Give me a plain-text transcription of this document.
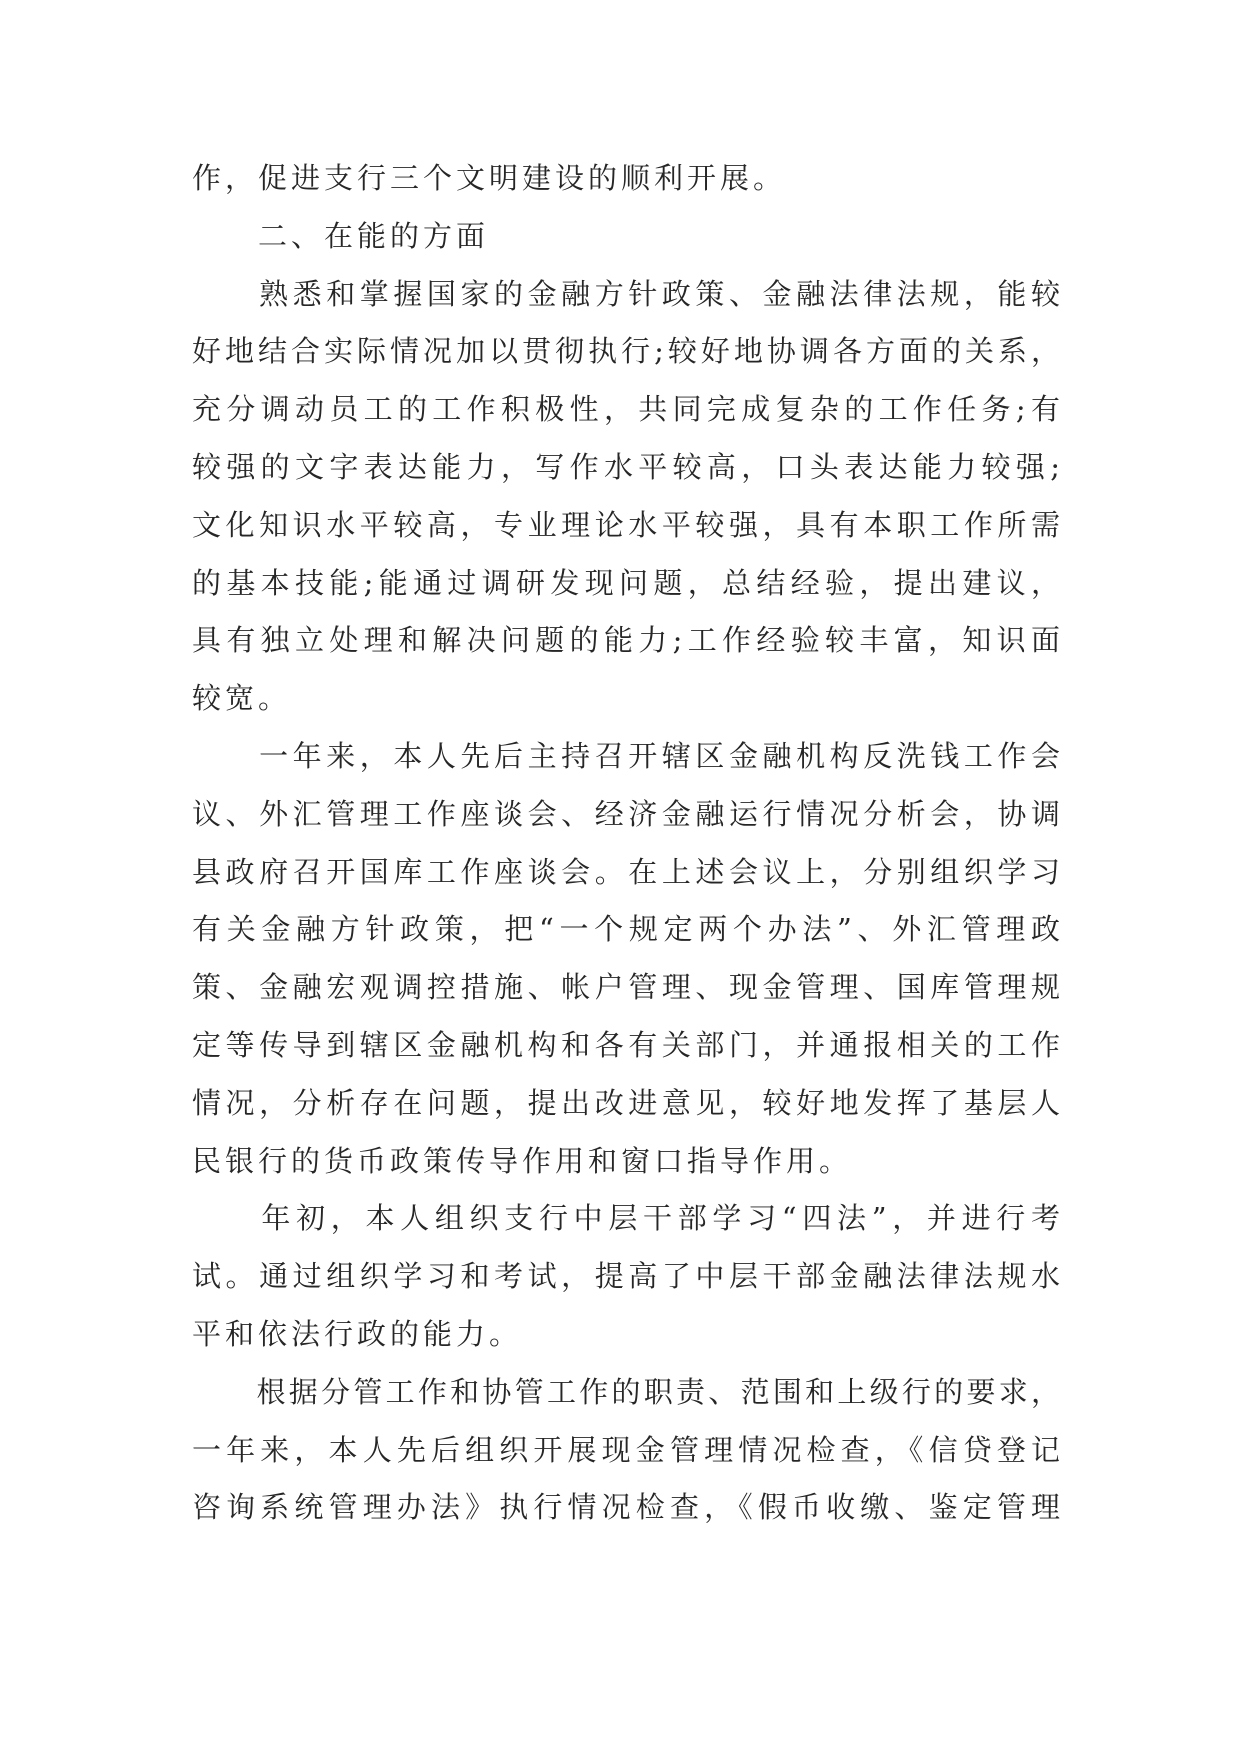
作，促进支行三个文明建设的顺利开展。
　　二、在能的方面
　　熟悉和掌握国家的金融方针政策、金融法律法规，能较
好地结合实际情况加以贯彻执行;较好地协调各方面的关系，
充分调动员工的工作积极性，共同完成复杂的工作任务;有
较强的文字表达能力，写作水平较高，口头表达能力较强;
文化知识水平较高，专业理论水平较强，具有本职工作所需
的基本技能;能通过调研发现问题，总结经验，提出建议，
具有独立处理和解决问题的能力;工作经验较丰富，知识面
较宽。
　　一年来，本人先后主持召开辖区金融机构反洗钱工作会
议、外汇管理工作座谈会、经济金融运行情况分析会，协调
县政府召开国库工作座谈会。在上述会议上，分别组织学习
有关金融方针政策，把“一个规定两个办法”、外汇管理政
策、金融宏观调控措施、帐户管理、现金管理、国库管理规
定等传导到辖区金融机构和各有关部门，并通报相关的工作
情况，分析存在问题，提出改进意见，较好地发挥了基层人
民银行的货币政策传导作用和窗口指导作用。
　　年初，本人组织支行中层干部学习“四法”，并进行考
试。通过组织学习和考试，提高了中层干部金融法律法规水
平和依法行政的能力。
　　根据分管工作和协管工作的职责、范围和上级行的要求，
一年来，本人先后组织开展现金管理情况检查，《信贷登记
咨询系统管理办法》执行情况检查，《假币收缴、鉴定管理
